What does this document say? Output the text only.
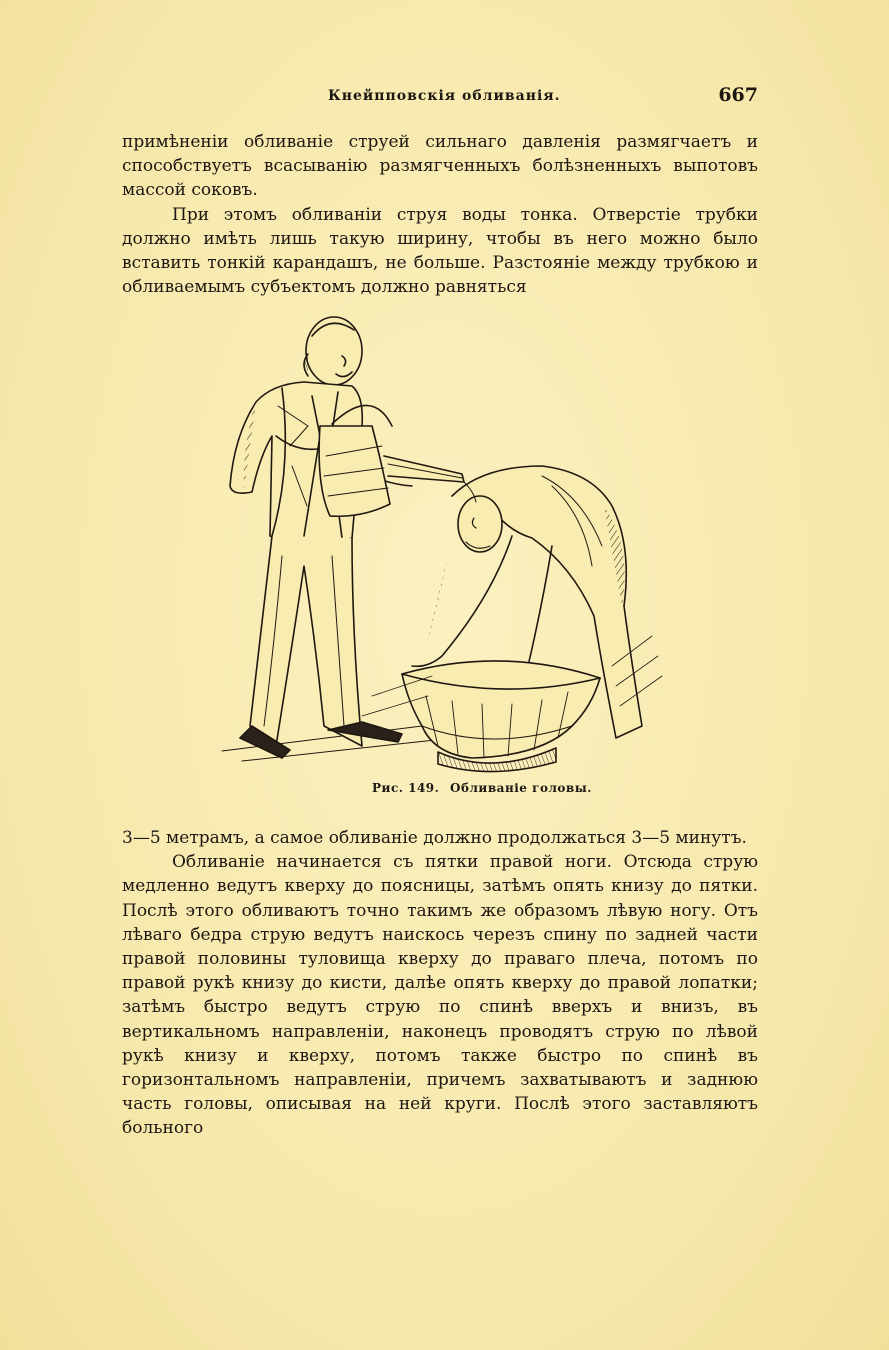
Кнейпповскія обливанія.	667

примѣненіи обливаніе струей сильнаго давленія размягчаетъ и способствуетъ всасыванію размягченныхъ болѣзненныхъ выпотовъ массой соковъ.

При этомъ обливаніи струя воды тонка. Отверстіе трубки должно имѣть лишь такую ширину, чтобы въ него можно было вставить тонкій карандашъ, не больше. Разстояніе между трубкою и обливаемымъ субъектомъ должно равняться

Рис. 149. Обливаніе головы.

3—5 метрамъ, а самое обливаніе должно продолжаться 3—5 минутъ.

Обливаніе начинается съ пятки правой ноги. Отсюда струю медленно ведутъ кверху до поясницы, затѣмъ опять книзу до пятки. Послѣ этого обливаютъ точно такимъ же образомъ лѣвую ногу. Отъ лѣваго бедра струю ведутъ наискось черезъ спину по задней части правой половины туловища кверху до праваго плеча, потомъ по правой рукѣ книзу до кисти, далѣе опять кверху до правой лопатки; затѣмъ быстро ведутъ струю по спинѣ вверхъ и внизъ, въ вертикальномъ направленіи, наконецъ проводятъ струю по лѣвой рукѣ книзу и кверху, потомъ также быстро по спинѣ въ горизонтальномъ направленіи, причемъ захватываютъ и заднюю часть головы, описывая на ней круги. Послѣ этого заставляютъ больного
